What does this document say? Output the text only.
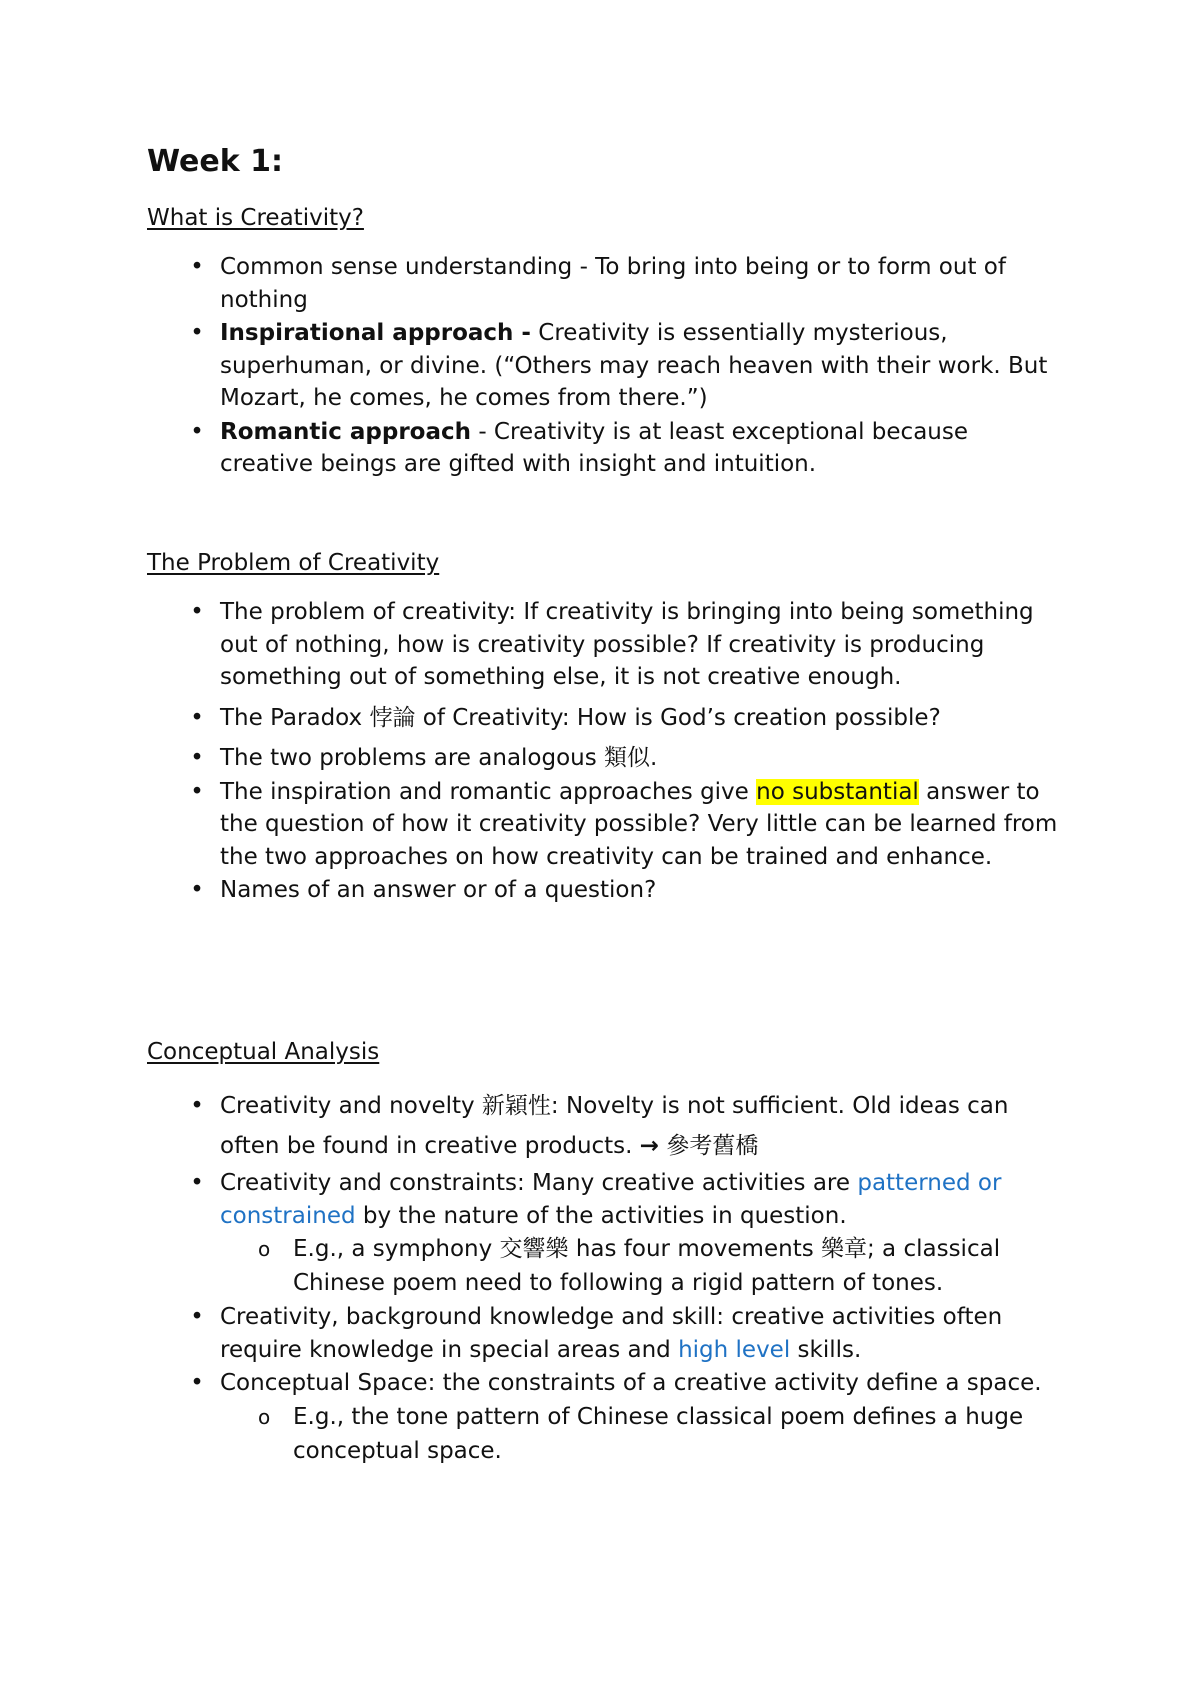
Week 1:
What is Creativity?
• Common sense understanding - To bring into being or to form out of nothing
• Inspirational approach - Creativity is essentially mysterious, superhuman, or divine. (“Others may reach heaven with their work. But Mozart, he comes, he comes from there.”)
• Romantic approach - Creativity is at least exceptional because creative beings are gifted with insight and intuition.
The Problem of Creativity
• The problem of creativity: If creativity is bringing into being something out of nothing, how is creativity possible? If creativity is producing something out of something else, it is not creative enough.
• The Paradox 悖論 of Creativity: How is God’s creation possible?
• The two problems are analogous 類似.
• The inspiration and romantic approaches give no substantial answer to the question of how it creativity possible? Very little can be learned from the two approaches on how creativity can be trained and enhance.
• Names of an answer or of a question?
Conceptual Analysis
• Creativity and novelty 新穎性: Novelty is not sufficient. Old ideas can often be found in creative products. → 參考舊橋
• Creativity and constraints: Many creative activities are patterned or constrained by the nature of the activities in question.
o E.g., a symphony 交響樂 has four movements 樂章; a classical Chinese poem need to following a rigid pattern of tones.
• Creativity, background knowledge and skill: creative activities often require knowledge in special areas and high level skills.
• Conceptual Space: the constraints of a creative activity define a space.
o E.g., the tone pattern of Chinese classical poem defines a huge conceptual space.
